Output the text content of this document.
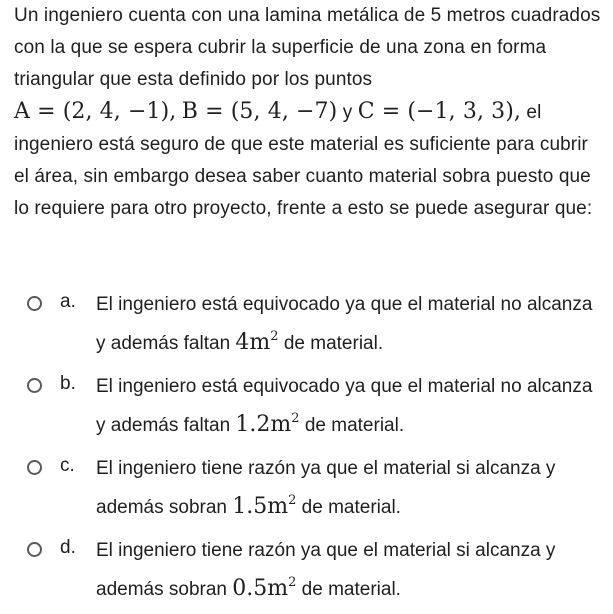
Un ingeniero cuenta con una lamina metálica de 5 metros cuadrados con la que se espera cubrir la superficie de una zona en forma triangular que esta definido por los puntos
A = (2, 4, −1), B = (5, 4, −7) y C = (−1, 3, 3), el ingeniero está seguro de que este material es suficiente para cubrir el área, sin embargo desea saber cuanto material sobra puesto que lo requiere para otro proyecto, frente a esto se puede asegurar que:
a. El ingeniero está equivocado ya que el material no alcanza y además faltan $4m^2$ de material.
b. El ingeniero está equivocado ya que el material no alcanza y además faltan $1.2m^2$ de material.
c. El ingeniero tiene razón ya que el material si alcanza y además sobran $1.5m^2$ de material.
d. El ingeniero tiene razón ya que el material si alcanza y además sobran $0.5m^2$ de material.
